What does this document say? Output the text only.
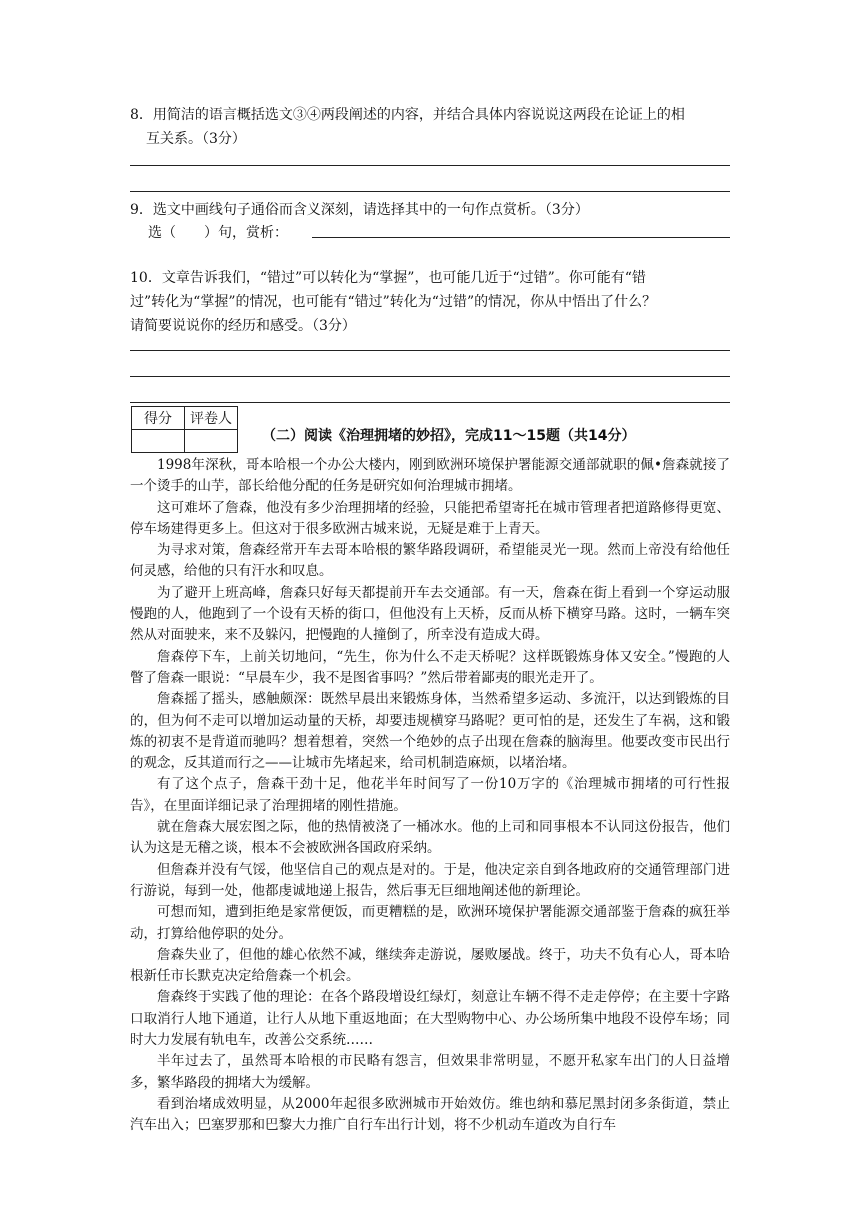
8．用简洁的语言概括选文③④两段阐述的内容，并结合具体内容说说这两段在论证上的相
互关系。（3分）
9．选文中画线句子通俗而含义深刻，请选择其中的一句作点赏析。（3分）
选（　　）句，赏析：
10．文章告诉我们，“错过”可以转化为“掌握”，也可能几近于“过错”。你可能有“错
过”转化为“掌握”的情况，也可能有“错过”转化为“过错”的情况，你从中悟出了什么？
请简要说说你的经历和感受。（3分）
得分	评卷人

（二）阅读《治理拥堵的妙招》，完成11～15题（共14分）

1998年深秋，哥本哈根一个办公大楼内，刚到欧洲环境保护署能源交通部就职的佩•詹森就接了一个烫手的山芋，部长给他分配的任务是研究如何治理城市拥堵。

这可难坏了詹森，他没有多少治理拥堵的经验，只能把希望寄托在城市管理者把道路修得更宽、停车场建得更多上。但这对于很多欧洲古城来说，无疑是难于上青天。

为寻求对策，詹森经常开车去哥本哈根的繁华路段调研，希望能灵光一现。然而上帝没有给他任何灵感，给他的只有汗水和叹息。

为了避开上班高峰，詹森只好每天都提前开车去交通部。有一天，詹森在街上看到一个穿运动服慢跑的人，他跑到了一个设有天桥的街口，但他没有上天桥，反而从桥下横穿马路。这时，一辆车突然从对面驶来，来不及躲闪，把慢跑的人撞倒了，所幸没有造成大碍。

詹森停下车，上前关切地问，“先生，你为什么不走天桥呢？这样既锻炼身体又安全。”慢跑的人瞥了詹森一眼说：“早晨车少，我不是图省事吗？”然后带着鄙夷的眼光走开了。

詹森摇了摇头，感触颇深：既然早晨出来锻炼身体，当然希望多运动、多流汗，以达到锻炼的目的，但为何不走可以增加运动量的天桥，却要违规横穿马路呢？更可怕的是，还发生了车祸，这和锻炼的初衷不是背道而驰吗？想着想着，突然一个绝妙的点子出现在詹森的脑海里。他要改变市民出行的观念，反其道而行之——让城市先堵起来，给司机制造麻烦，以堵治堵。

有了这个点子，詹森干劲十足，他花半年时间写了一份10万字的《治理城市拥堵的可行性报告》，在里面详细记录了治理拥堵的刚性措施。

就在詹森大展宏图之际，他的热情被浇了一桶冰水。他的上司和同事根本不认同这份报告，他们认为这是无稽之谈，根本不会被欧洲各国政府采纳。

但詹森并没有气馁，他坚信自己的观点是对的。于是，他决定亲自到各地政府的交通管理部门进行游说，每到一处，他都虔诚地递上报告，然后事无巨细地阐述他的新理论。

可想而知，遭到拒绝是家常便饭，而更糟糕的是，欧洲环境保护署能源交通部鉴于詹森的疯狂举动，打算给他停职的处分。

詹森失业了，但他的雄心依然不减，继续奔走游说，屡败屡战。终于，功夫不负有心人，哥本哈根新任市长默克决定给詹森一个机会。

詹森终于实践了他的理论：在各个路段增设红绿灯，刻意让车辆不得不走走停停；在主要十字路口取消行人地下通道，让行人从地下重返地面；在大型购物中心、办公场所集中地段不设停车场；同时大力发展有轨电车，改善公交系统……

半年过去了，虽然哥本哈根的市民略有怨言，但效果非常明显，不愿开私家车出门的人日益增多，繁华路段的拥堵大为缓解。

看到治堵成效明显，从2000年起很多欧洲城市开始效仿。维也纳和慕尼黑封闭多条街道，禁止汽车出入；巴塞罗那和巴黎大力推广自行车出行计划，将不少机动车道改为自行车
